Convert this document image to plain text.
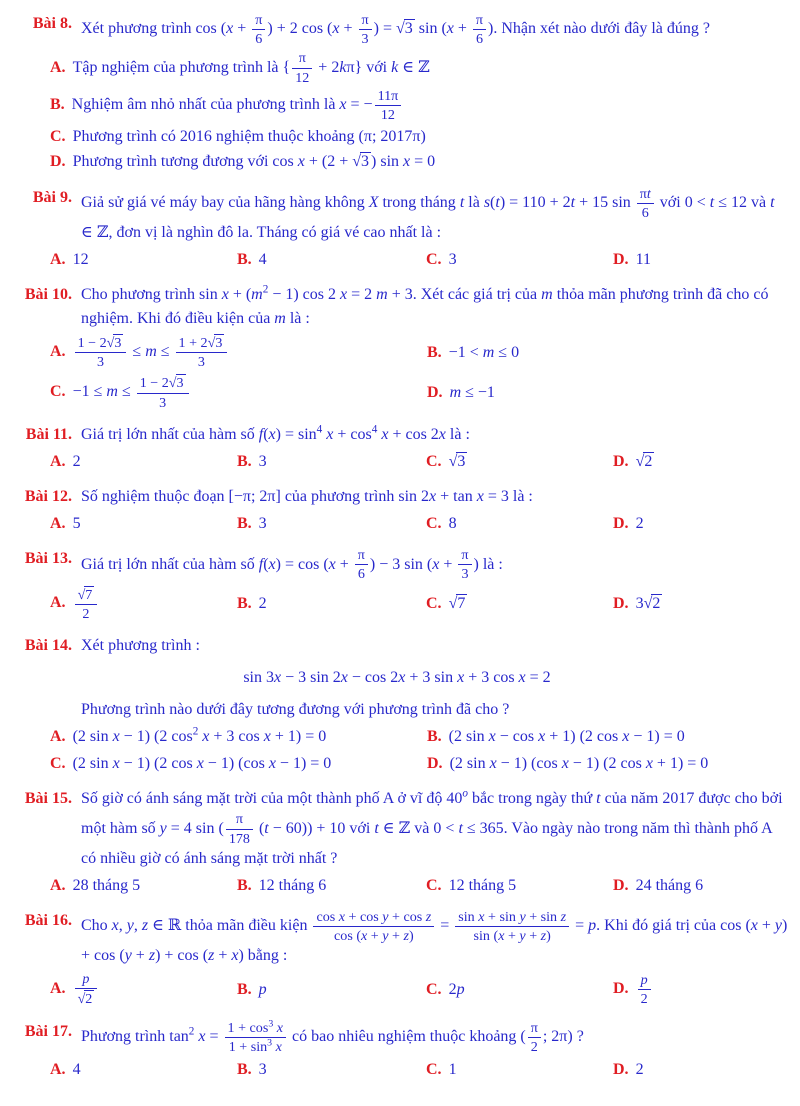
Bài 8. Xét phương trình $\cos (x + \frac{\pi}{6}$ ) + 2 $\cos (x + \frac{\pi}{3}$ ) = √3 $\sin (x + \frac{\pi}{6}$ ). Nhận xét nào dưới đây là đúng ?
A. Tập nghiệm của phương trình là { $\frac{\pi}{12} + 2k\pi$} với k ∈ ℤ
B. Nghiệm âm nhỏ nhất của phương trình là x = − $\frac{11\pi}{12}$
C. Phương trình có 2016 nghiệm thuộc khoảng (π; 2017π)
D. Phương trình tương đương với cos x + (2 + √3 ) sin x = 0
Bài 9. Giả sử giá vé máy bay của hãng hàng không X trong tháng t là s(t) = 110 + 2t + 15 $\sin \frac{\pi t}{6}$ với 0 < t ≤ 12 và t ∈ ℤ, đơn vị là nghìn đô la. Tháng có giá vé cao nhất là :
A. 12	B. 4	C. 3	D. 11
Bài 10. Cho phương trình $\sin x + (m^2 - 1)$ cos 2 x = 2 m + 3. Xét các giá trị của m thỏa mãn phương trình đã cho có nghiệm. Khi đó điều kiện của m là :
A. $\frac{1 - 2√3}{3} \le m \le \frac{1 + 2√3}{3}$	B. −1 < m ≤ 0
C. $-1 \le m \le \frac{1 - 2√3}{3}$	D. m ≤ −1
Bài 11. Giá trị lớn nhất của hàm số $f(x) = \sin^4 x + \cos^4 x + \cos 2x$ là :
A. 2	B. 3	C. √3	D. √2
Bài 12. Số nghiệm thuộc đoạn [−π; 2π] của phương trình sin 2x + tan x = 3 là :
A. 5	B. 3	C. 8	D. 2
Bài 13. Giá trị lớn nhất của hàm số $f(x) = \cos (x + \frac{\pi}{6}$ ) − 3 $\sin (x + \frac{\pi}{3}$ ) là :
A. $\frac{√7}{2}$	B. 2	C. √7	D. 3√2
Bài 14. Xét phương trình :
sin 3x − 3 sin 2x − cos 2x + 3 sin x + 3 cos x = 2
Phương trình nào dưới đây tương đương với phương trình đã cho ?
A. (2 sin x − 1) (2 $\cos^2 x + 3$ cos x + 1) = 0	B. (2 sin x − cos x + 1) (2 cos x − 1) = 0
C. (2 sin x − 1) (2 cos x − 1) (cos x − 1) = 0	D. (2 sin x − 1) (cos x − 1) (2 cos x + 1) = 0
Bài 15. Số giờ có ánh sáng mặt trời của một thành phố A ở vĩ độ 40$^o$ bắc trong ngày thứ t của năm 2017 được cho bởi một hàm số y = 4 sin ( $\frac{\pi}{178} (t - 60)) + 10$ với t ∈ ℤ và 0 < t ≤ 365. Vào ngày nào trong năm thì thành phố A có nhiều giờ có ánh sáng mặt trời nhất ?
A. 28 tháng 5	B. 12 tháng 6	C. 12 tháng 5	D. 24 tháng 6
Bài 16. Cho x, y, z ∈ ℝ thỏa mãn điều kiện $\frac{\text{cos x + cos y + cos z}}{\cos (x + y + z)} = \frac{\text{sin x + sin y + sin z}}{\sin (x + y + z)} = p$. Khi đó giá trị của cos (x + y) + cos (y + z) + cos (z + x) bằng :
A. $\frac{p}{√2}$	B. p	C. 2p	D. $\frac{p}{2}$
Bài 17. Phương trình $\tan^2 x = \frac{1 + \cos^3 x}{1 + \sin^3 x}$ có bao nhiêu nghiệm thuộc khoảng ( $\frac{\pi}{2}$ ; 2π) ?
A. 4	B. 3	C. 1	D. 2
